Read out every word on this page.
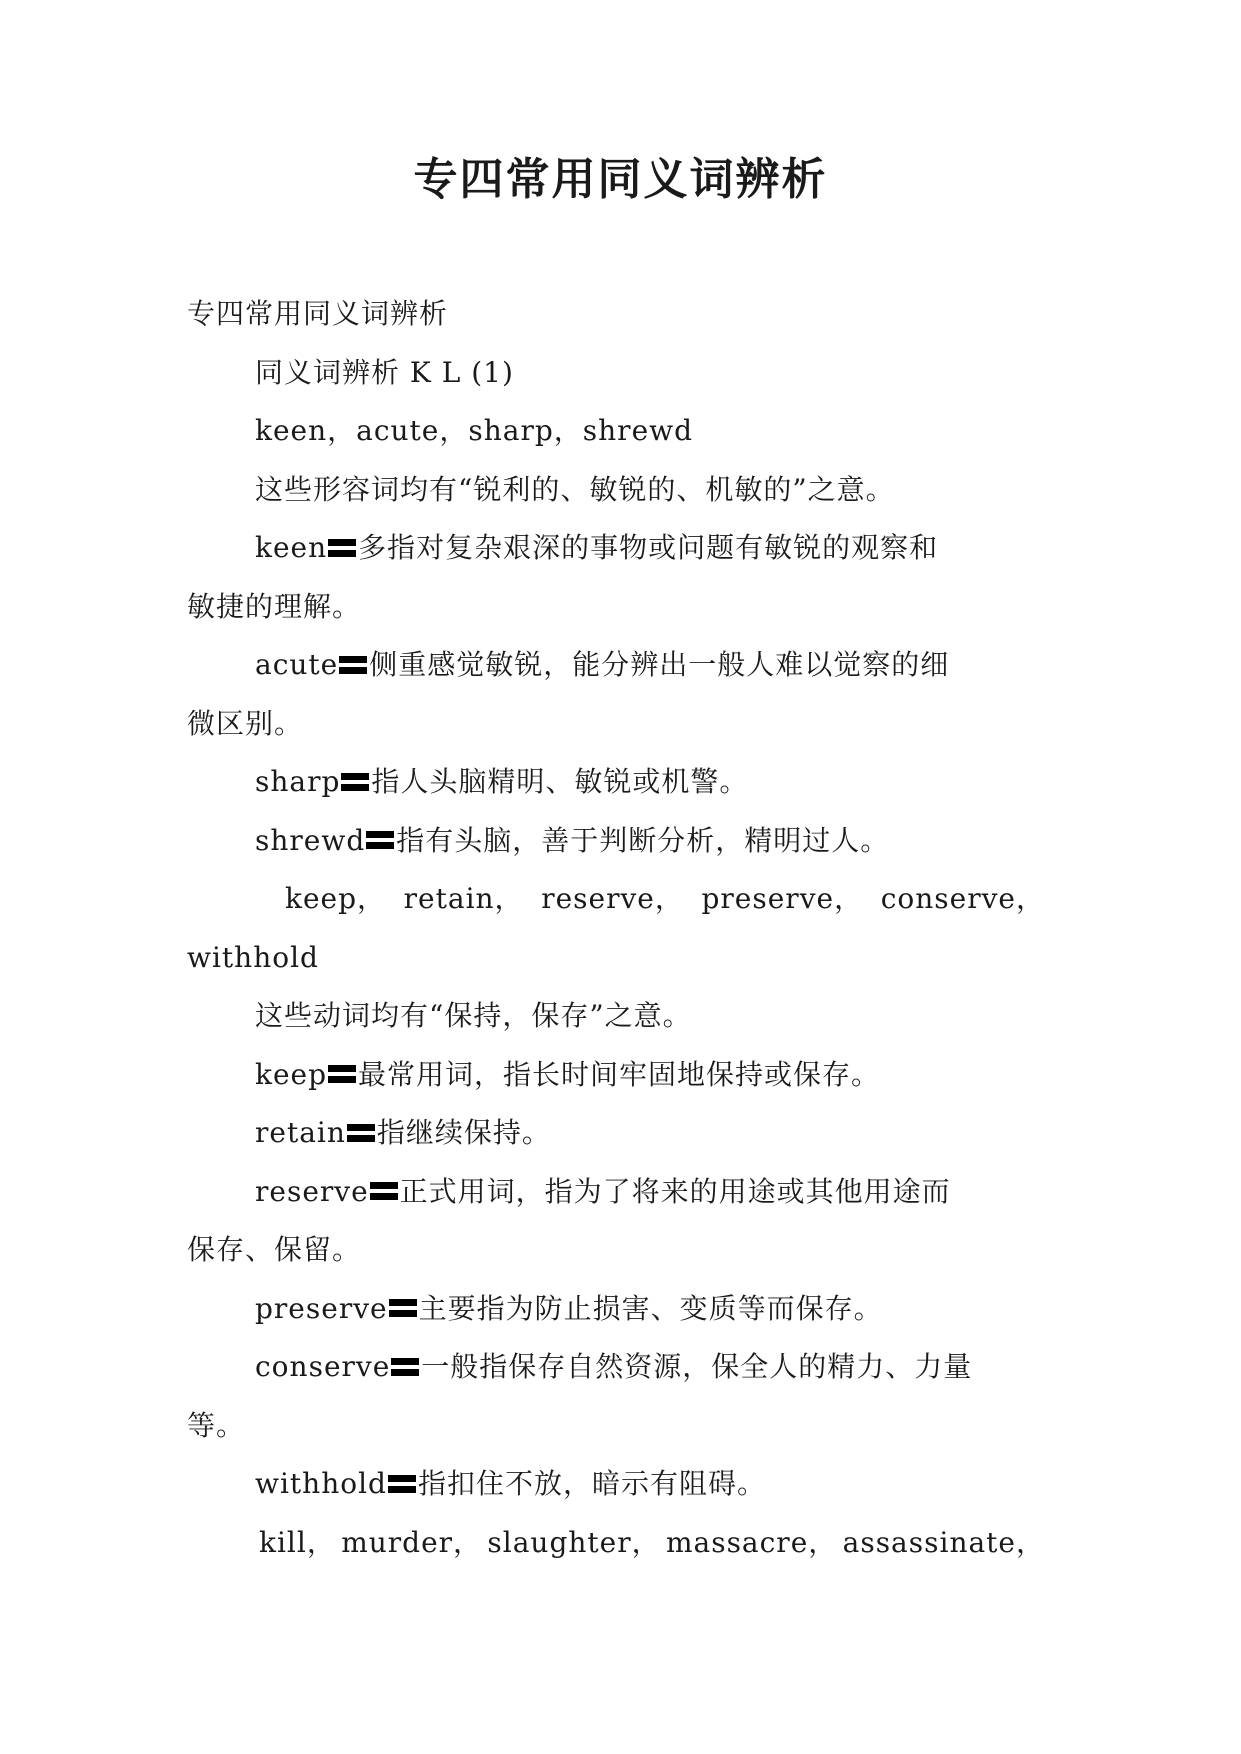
专四常用同义词辨析
专四常用同义词辨析
同义词辨析 K L (1)
keen，acute，sharp，shrewd
这些形容词均有“锐利的、敏锐的、机敏的”之意。
keen 多指对复杂艰深的事物或问题有敏锐的观察和
敏捷的理解。
acute 侧重感觉敏锐，能分辨出一般人难以觉察的细
微区别。
sharp 指人头脑精明、敏锐或机警。
shrewd 指有头脑，善于判断分析，精明过人。
keep， retain， reserve， preserve， conserve，
withhold
这些动词均有“保持，保存”之意。
keep 最常用词，指长时间牢固地保持或保存。
retain 指继续保持。
reserve 正式用词，指为了将来的用途或其他用途而
保存、保留。
preserve 主要指为防止损害、变质等而保存。
conserve 一般指保存自然资源，保全人的精力、力量
等。
withhold 指扣住不放，暗示有阻碍。
kill， murder， slaughter， massacre， assassinate，
